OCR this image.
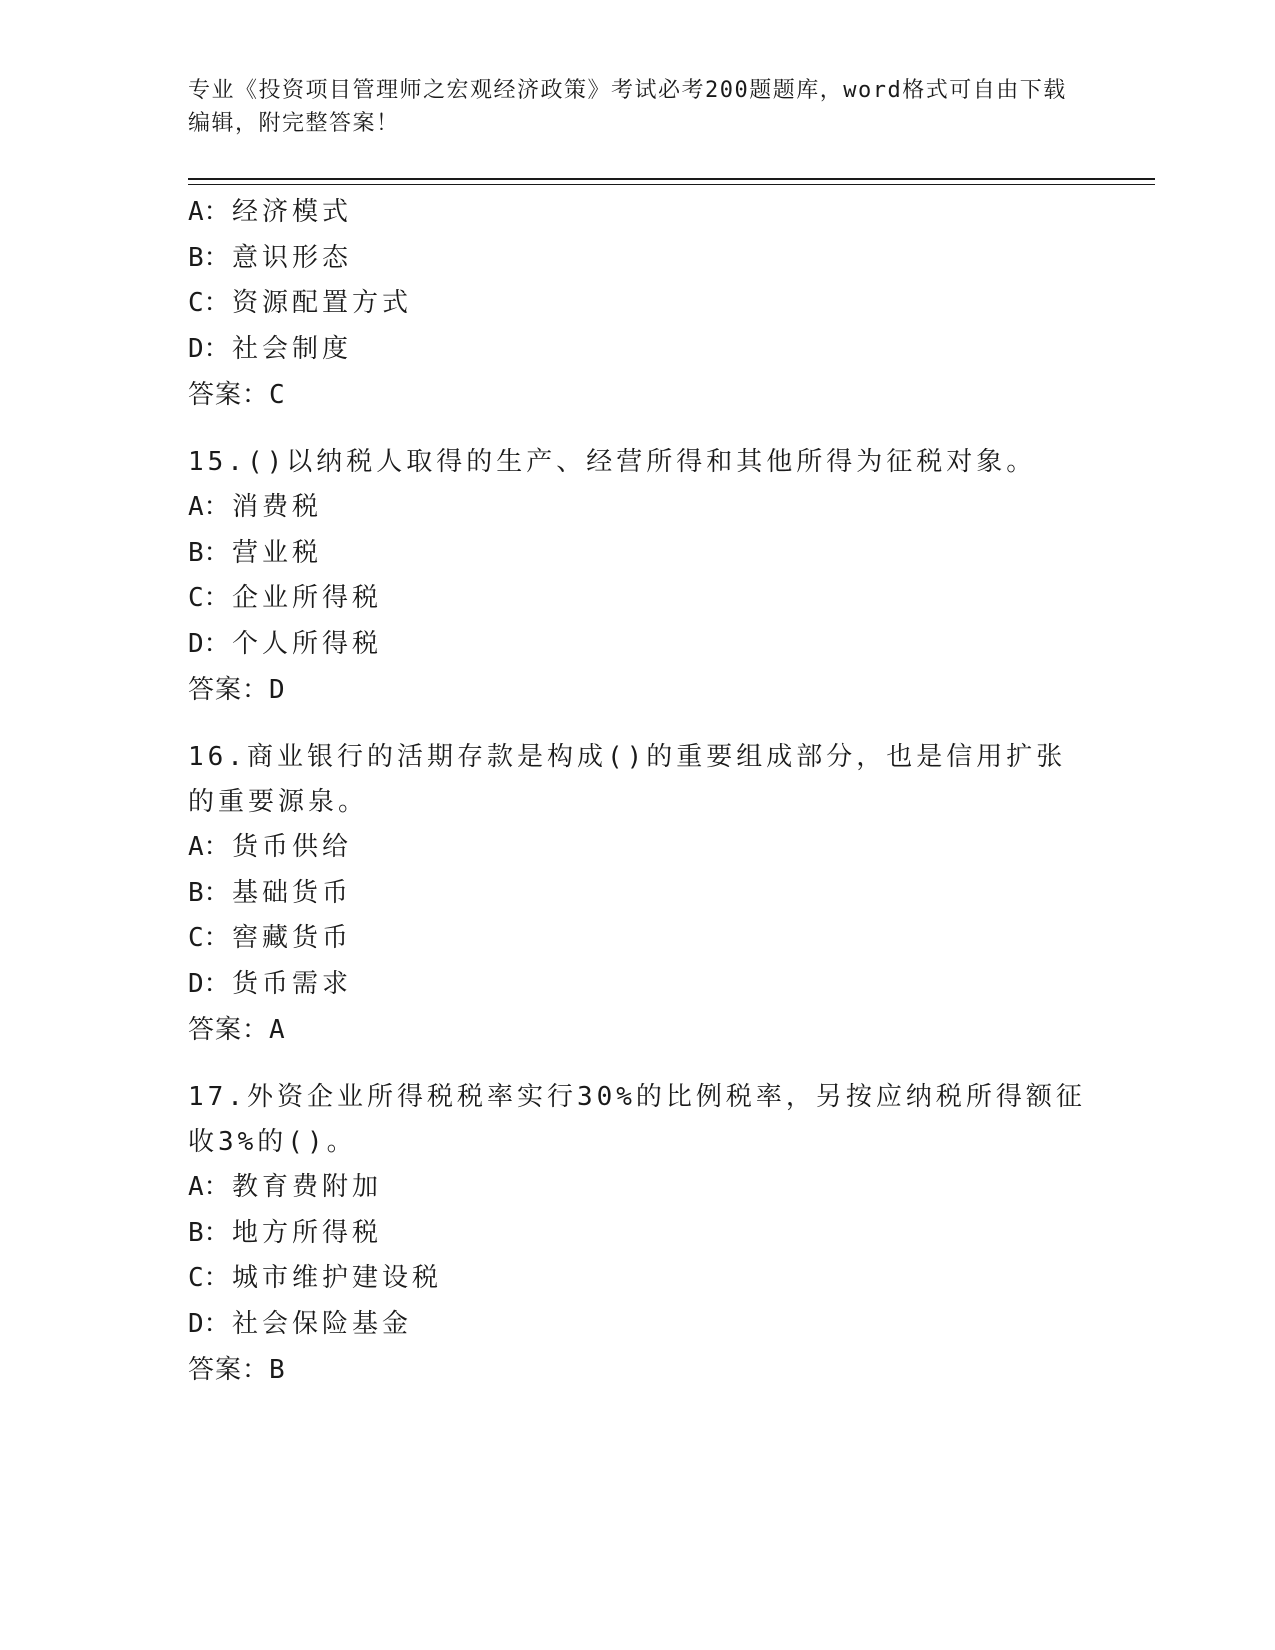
专业《投资项目管理师之宏观经济政策》考试必考200题题库，word格式可自由下载编辑，附完整答案！
A： 经济模式
B： 意识形态
C： 资源配置方式
D： 社会制度
答案：C

15.()以纳税人取得的生产、经营所得和其他所得为征税对象。

A： 消费税
B： 营业税
C： 企业所得税
D： 个人所得税
答案：D

16.商业银行的活期存款是构成()的重要组成部分，也是信用扩张的重要源泉。

A： 货币供给
B： 基础货币
C： 窖藏货币
D： 货币需求
答案：A

17.外资企业所得税税率实行30%的比例税率，另按应纳税所得额征收3%的()。

A： 教育费附加
B： 地方所得税
C： 城市维护建设税
D： 社会保险基金
答案：B
